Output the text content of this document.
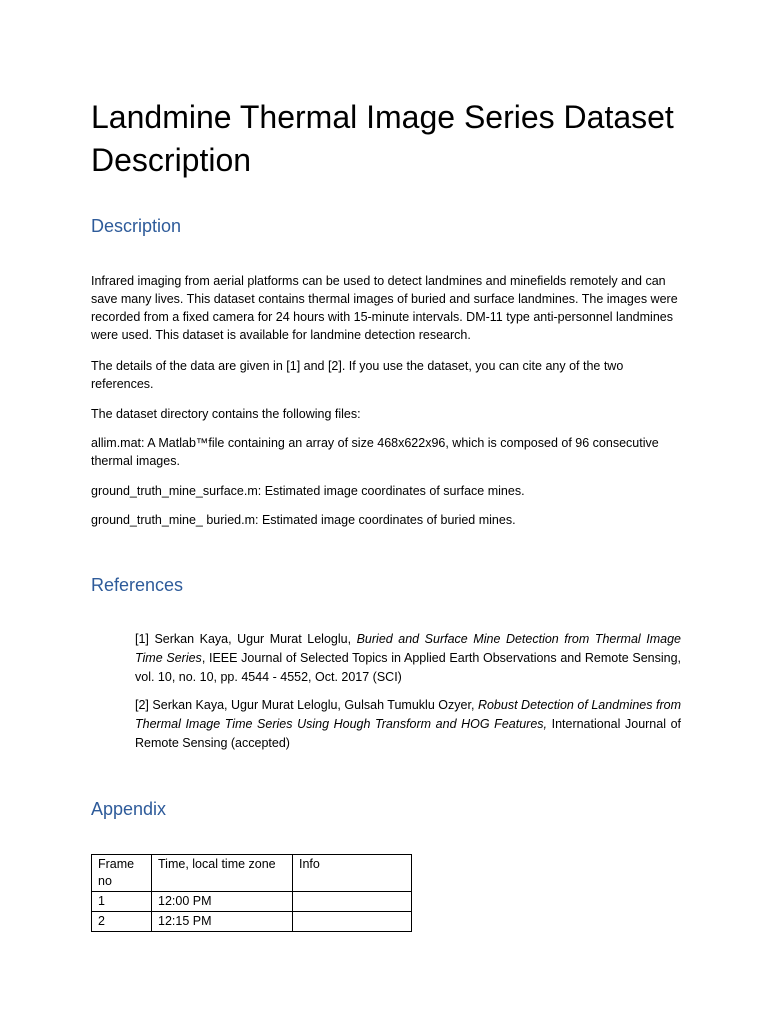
Landmine Thermal Image Series Dataset Description
Description

Infrared imaging from aerial platforms can be used to detect landmines and minefields remotely and can save many lives. This dataset contains thermal images of buried and surface landmines. The images were recorded from a fixed camera for 24 hours with 15-minute intervals. DM-11 type anti-personnel landmines were used. This dataset is available for landmine detection research.

The details of the data are given in [1] and [2]. If you use the dataset, you can cite any of the two references.

The dataset directory contains the following files:

allim.mat: A Matlab™file containing an array of size 468x622x96, which is composed of 96 consecutive thermal images.

ground_truth_mine_surface.m: Estimated image coordinates of surface mines.

ground_truth_mine_ buried.m: Estimated image coordinates of buried mines.

References

[1] Serkan Kaya, Ugur Murat Leloglu, Buried and Surface Mine Detection from Thermal Image Time Series, IEEE Journal of Selected Topics in Applied Earth Observations and Remote Sensing, vol. 10, no. 10, pp. 4544 - 4552, Oct. 2017 (SCI)

[2] Serkan Kaya, Ugur Murat Leloglu, Gulsah Tumuklu Ozyer, Robust Detection of Landmines from Thermal Image Time Series Using Hough Transform and HOG Features, International Journal of Remote Sensing (accepted)

Appendix
Frame no	Time, local time zone	Info
1	12:00 PM	
2	12:15 PM	
